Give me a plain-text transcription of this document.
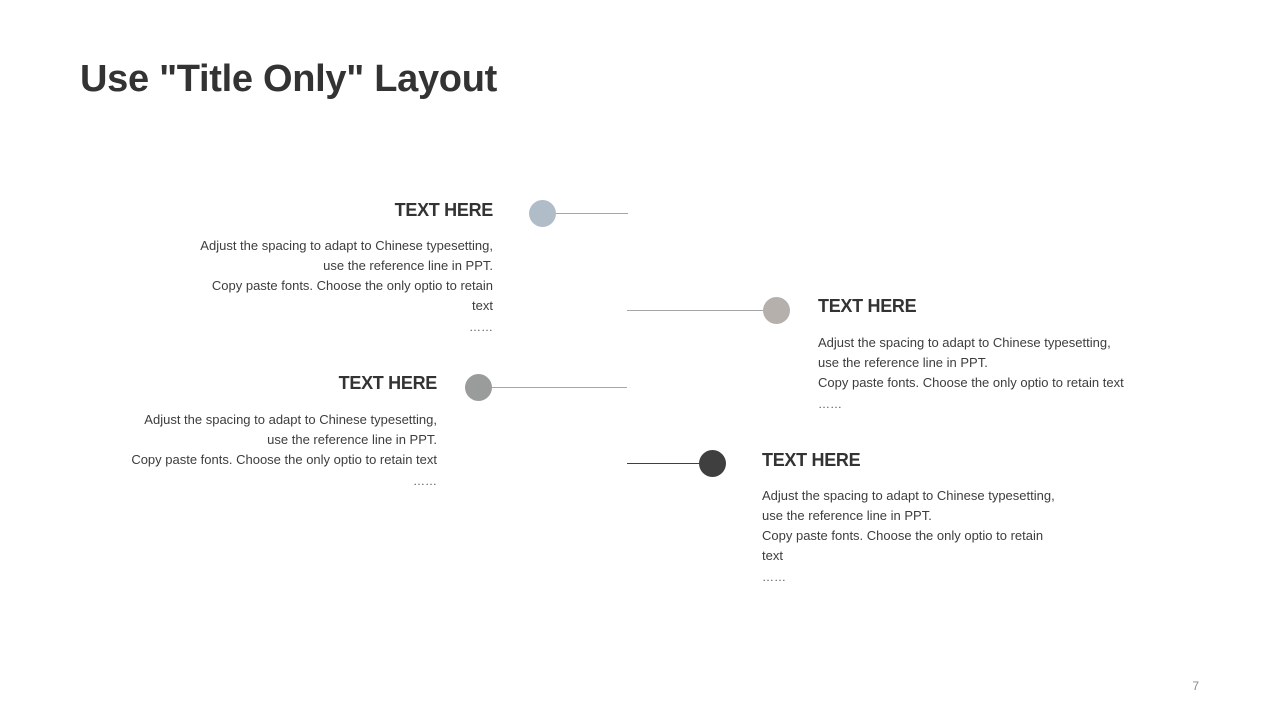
Use "Title Only" Layout
TEXT HERE
Adjust the spacing to adapt to Chinese typesetting,
use the reference line in PPT.
Copy paste fonts. Choose the only optio to retain
text
……
TEXT HERE
Adjust the spacing to adapt to Chinese typesetting,
use the reference line in PPT.
Copy paste fonts. Choose the only optio to retain text
……
TEXT HERE
Adjust the spacing to adapt to Chinese typesetting,
use the reference line in PPT.
Copy paste fonts. Choose the only optio to retain text
……
TEXT HERE
Adjust the spacing to adapt to Chinese typesetting,
use the reference line in PPT.
Copy paste fonts. Choose the only optio to retain
text
……
7
